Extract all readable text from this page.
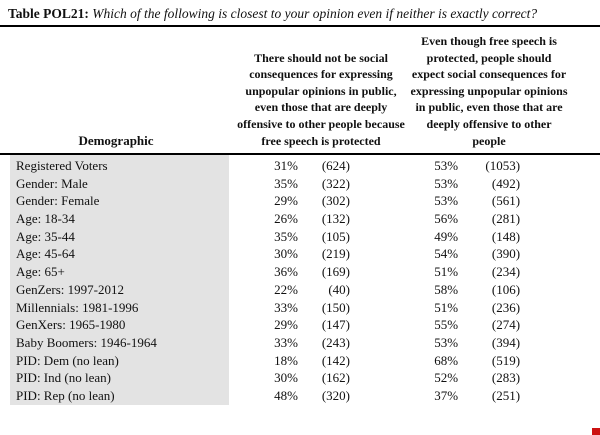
Table POL21: Which of the following is closest to your opinion even if neither is exactly correct?
Demographic	There should not be social consequences for expressing unpopular opinions in public, even those that are deeply offensive to other people because free speech is protected			Even though free speech is protected, people should expect social consequences for expressing unpopular opinions in public, even those that are deeply offensive to other people		

Registered Voters	31%	(624)		53%	(1053)	
Gender: Male	35%	(322)		53%	(492)	
Gender: Female	29%	(302)		53%	(561)	
Age: 18-34	26%	(132)		56%	(281)	
Age: 35-44	35%	(105)		49%	(148)	
Age: 45-64	30%	(219)		54%	(390)	
Age: 65+	36%	(169)		51%	(234)	
GenZers: 1997-2012	22%	(40)		58%	(106)	
Millennials: 1981-1996	33%	(150)		51%	(236)	
GenXers: 1965-1980	29%	(147)		55%	(274)	
Baby Boomers: 1946-1964	33%	(243)		53%	(394)	
PID: Dem (no lean)	18%	(142)		68%	(519)	
PID: Ind (no lean)	30%	(162)		52%	(283)	
PID: Rep (no lean)	48%	(320)		37%	(251)	
